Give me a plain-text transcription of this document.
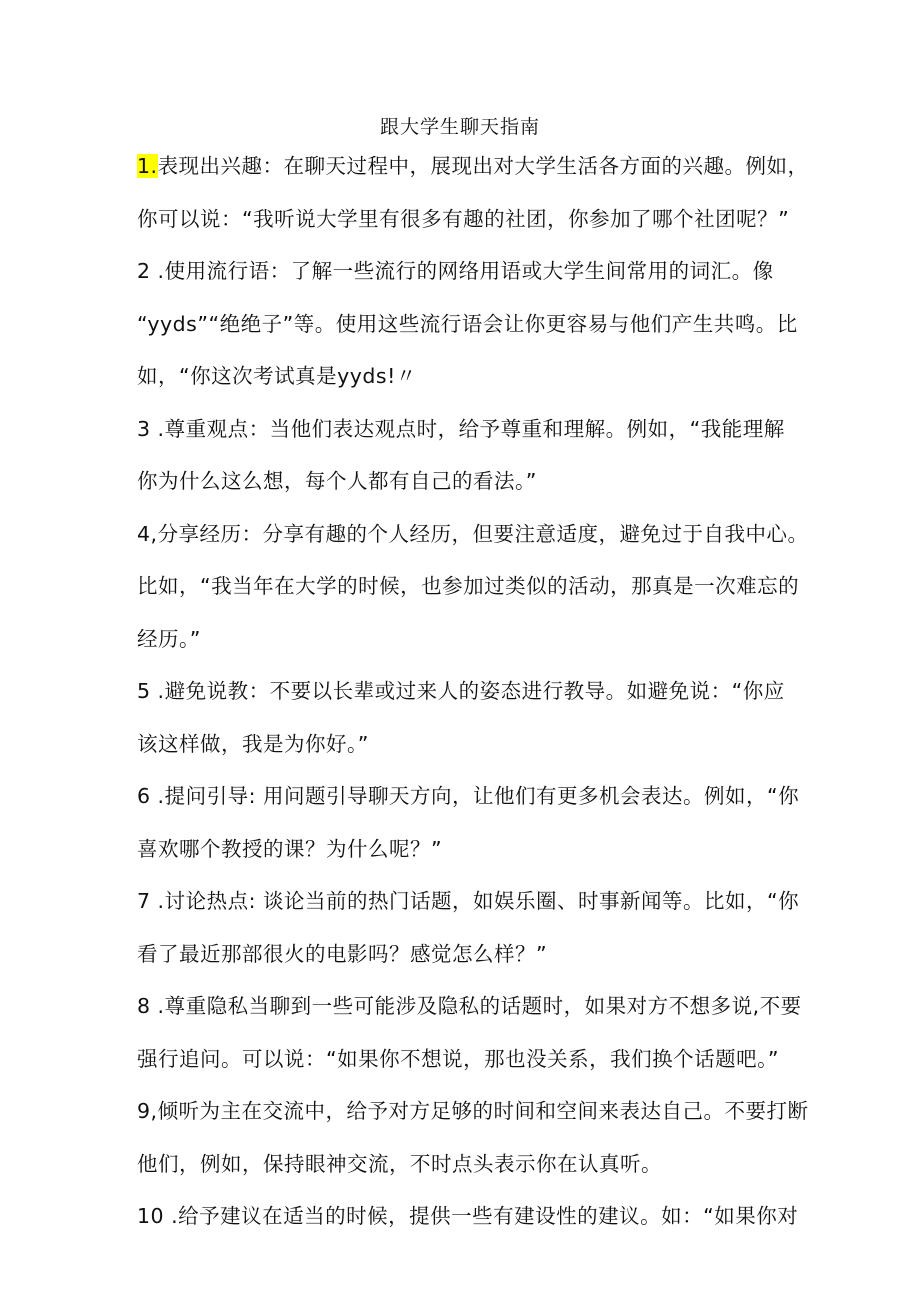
跟大学生聊天指南
1.表现出兴趣：在聊天过程中，展现出对大学生活各方面的兴趣。例如，
你可以说：“我听说大学里有很多有趣的社团，你参加了哪个社团呢？”
2 .使用流行语：了解一些流行的网络用语或大学生间常用的词汇。像
“yyds”“绝绝子”等。使用这些流行语会让你更容易与他们产生共鸣。比
如，“你这次考试真是yyds!〃
3 .尊重观点：当他们表达观点时，给予尊重和理解。例如，“我能理解
你为什么这么想，每个人都有自己的看法。”
4,分享经历：分享有趣的个人经历，但要注意适度，避免过于自我中心。
比如，“我当年在大学的时候，也参加过类似的活动，那真是一次难忘的
经历。”
5 .避免说教：不要以长辈或过来人的姿态进行教导。如避免说：“你应
该这样做，我是为你好。”
6 .提问引导: 用问题引导聊天方向，让他们有更多机会表达。例如，“你
喜欢哪个教授的课？为什么呢？”
7 .讨论热点: 谈论当前的热门话题，如娱乐圈、时事新闻等。比如，“你
看了最近那部很火的电影吗？感觉怎么样？”
8 .尊重隐私当聊到一些可能涉及隐私的话题时，如果对方不想多说,不要
强行追问。可以说：“如果你不想说，那也没关系，我们换个话题吧。”
9,倾听为主在交流中，给予对方足够的时间和空间来表达自己。不要打断
他们，例如，保持眼神交流，不时点头表示你在认真听。
10 .给予建议在适当的时候，提供一些有建设性的建议。如：“如果你对
